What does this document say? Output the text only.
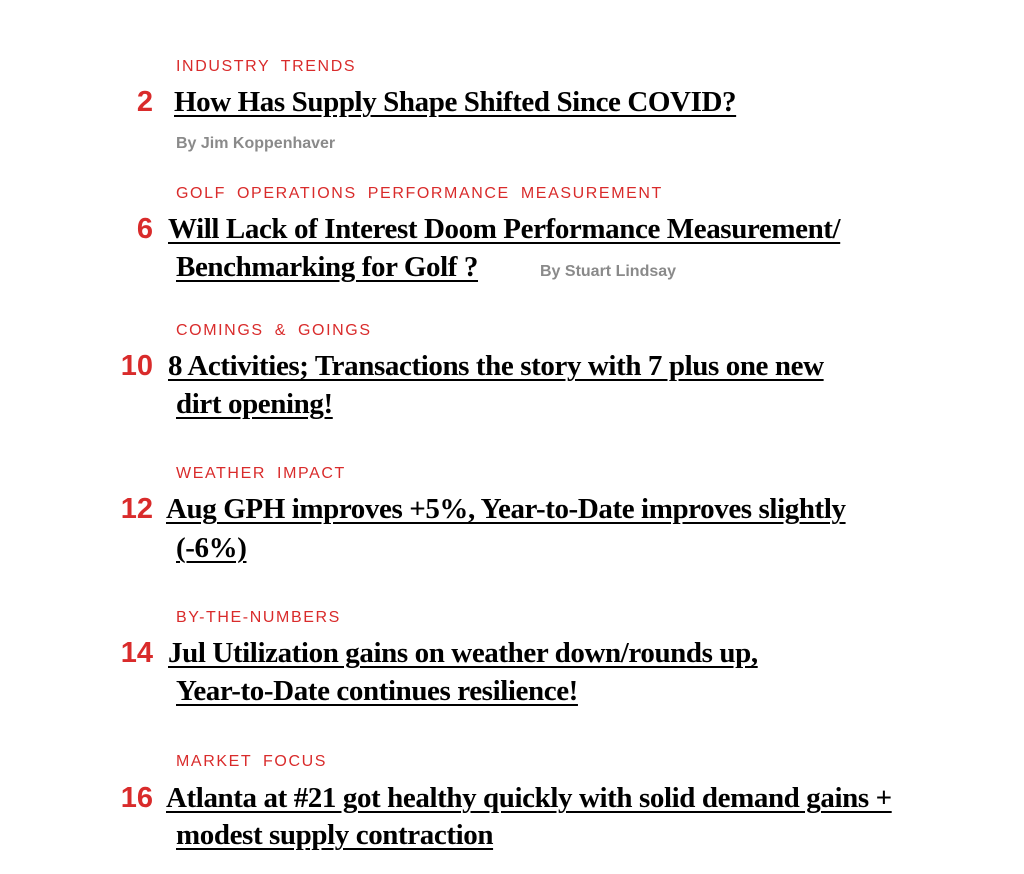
INDUSTRY TRENDS
2 How Has Supply Shape Shifted Since COVID?
By Jim Koppenhaver
GOLF OPERATIONS PERFORMANCE MEASUREMENT
6 Will Lack of Interest Doom Performance Measurement/
Benchmarking for Golf ?	By Stuart Lindsay
COMINGS & GOINGS
10 8 Activities; Transactions the story with 7 plus one new
dirt opening!
WEATHER IMPACT
12 Aug GPH improves +5%, Year-to-Date improves slightly
(-6%)
BY-THE-NUMBERS
14 Jul Utilization gains on weather down/rounds up,
Year-to-Date continues resilience!
MARKET FOCUS
16 Atlanta at #21 got healthy quickly with solid demand gains +
modest supply contraction
